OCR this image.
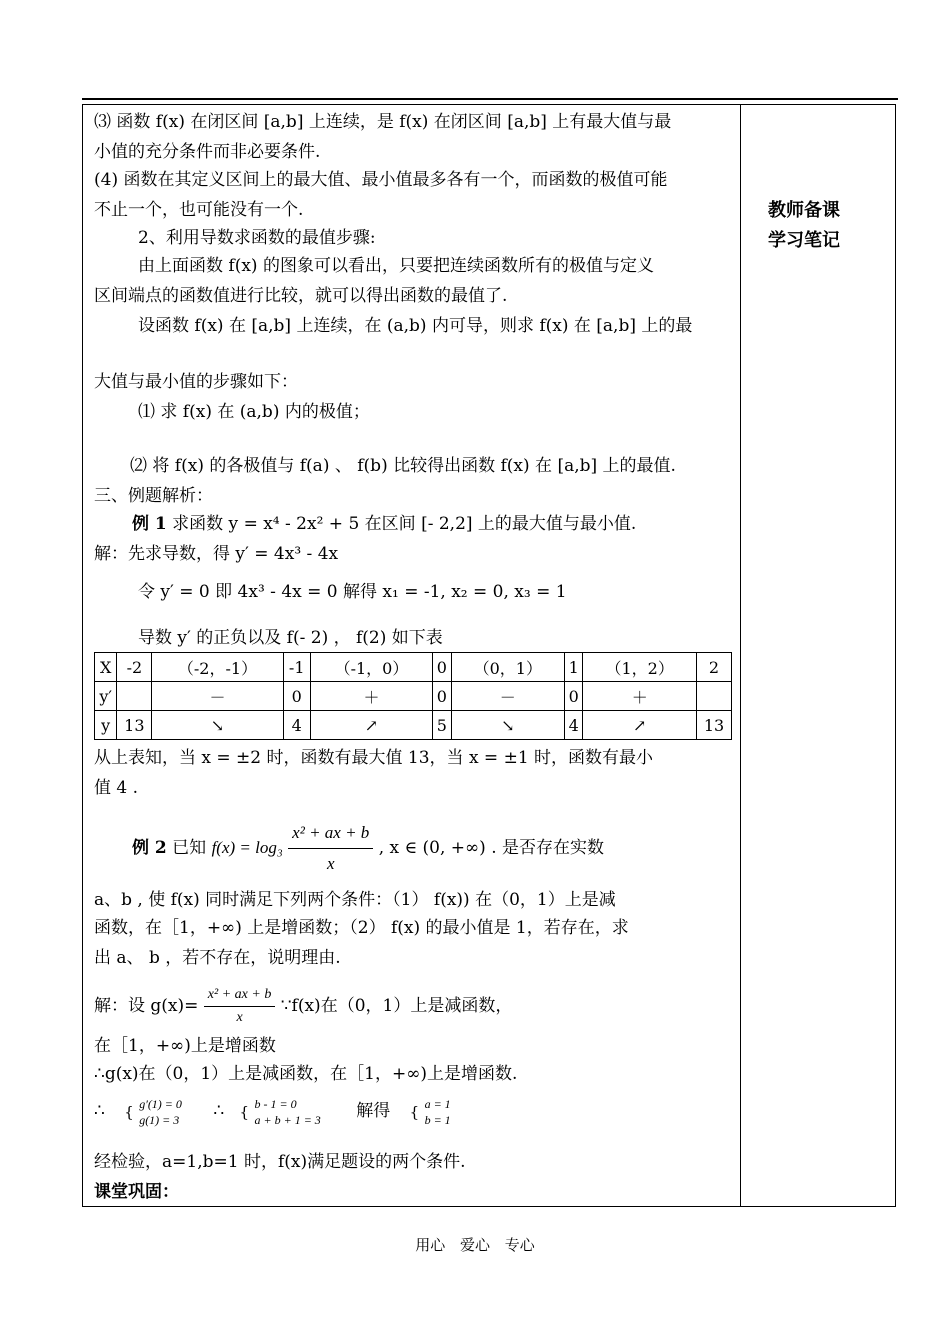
教师备课
学习笔记
⑶ 函数 f(x) 在闭区间 [a,b] 上连续，是 f(x) 在闭区间 [a,b] 上有最大值与最
小值的充分条件而非必要条件.
(4) 函数在其定义区间上的最大值、最小值最多各有一个，而函数的极值可能
不止一个，也可能没有一个.
2、利用导数求函数的最值步骤:
由上面函数 f(x) 的图象可以看出，只要把连续函数所有的极值与定义
区间端点的函数值进行比较，就可以得出函数的最值了.
设函数 f(x) 在 [a,b] 上连续，在 (a,b) 内可导，则求 f(x) 在 [a,b] 上的最
大值与最小值的步骤如下：
⑴ 求 f(x) 在 (a,b) 内的极值；
⑵ 将 f(x) 的各极值与 f(a) 、 f(b) 比较得出函数 f(x) 在 [a,b] 上的最值.
三、例题解析：
例 1 求函数 y = x⁴ - 2x² + 5 在区间 [- 2,2] 上的最大值与最小值.
解：先求导数，得 y′ = 4x³ - 4x
令 y′ = 0 即 4x³ - 4x = 0 解得 x₁ = -1, x₂ = 0, x₃ = 1
导数 y′ 的正负以及 f(- 2) ， f(2) 如下表
X	-2	（-2，-1）	-1	（-1，0）	0	（0，1）	1	（1，2）	2
y′		－	0	＋	0	－	0	＋	
y	13	↘	4	↗	5	↘	4	↗	13
从上表知，当 x = ±2 时，函数有最大值 13，当 x = ±1 时，函数有最小
值 4 .
例 2 已知 $f(x) = \log_3 \frac{\text{x² + ax + b}}{x}$ , x ∈ (0, +∞) . 是否存在实数
a、b , 使 f(x) 同时满足下列两个条件：（1） f(x)) 在（0，1）上是减
函数，在［1，+∞) 上是增函数；（2） f(x) 的最小值是 1，若存在，求
出 a、 b ，若不存在，说明理由.
解：设 $g(x)= \frac{\text{x² + ax + b}}{x}$ ∵f(x)在（0，1）上是减函数，
在［1，+∞)上是增函数
∴g(x)在（0，1）上是减函数，在［1，+∞)上是增函数.
∴ { g′(1) = 0
g(1) = 3 ∴ { b - 1 = 0
a + b + 1 = 3 解得 { a = 1
b = 1
经检验，a=1,b=1 时，f(x)满足题设的两个条件.
课堂巩固：
用心 爱心 专心
